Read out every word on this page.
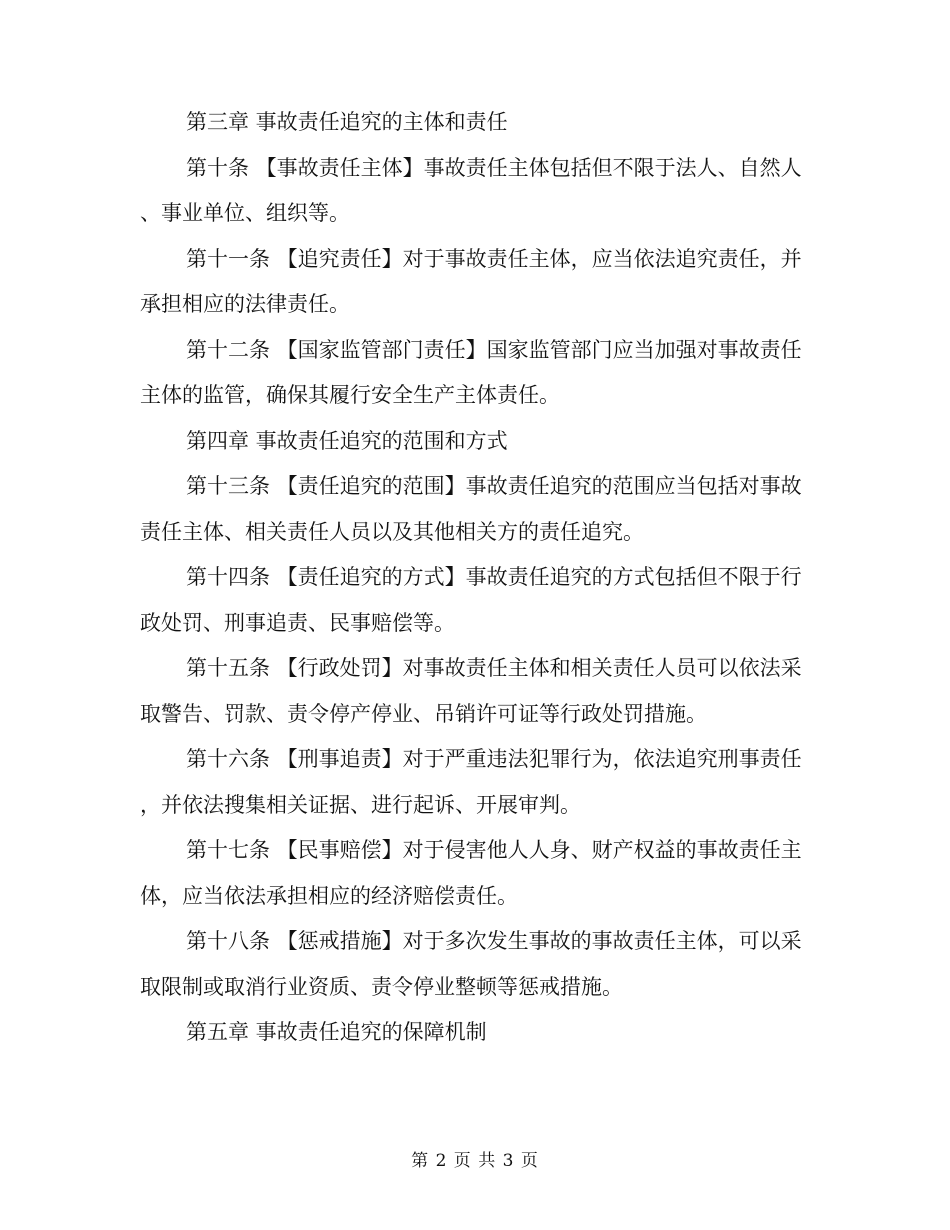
第三章 事故责任追究的主体和责任

第十条 【事故责任主体】事故责任主体包括但不限于法人、自然人、事业单位、组织等。

第十一条 【追究责任】对于事故责任主体，应当依法追究责任，并承担相应的法律责任。

第十二条 【国家监管部门责任】国家监管部门应当加强对事故责任主体的监管，确保其履行安全生产主体责任。

第四章 事故责任追究的范围和方式

第十三条 【责任追究的范围】事故责任追究的范围应当包括对事故责任主体、相关责任人员以及其他相关方的责任追究。

第十四条 【责任追究的方式】事故责任追究的方式包括但不限于行政处罚、刑事追责、民事赔偿等。

第十五条 【行政处罚】对事故责任主体和相关责任人员可以依法采取警告、罚款、责令停产停业、吊销许可证等行政处罚措施。

第十六条 【刑事追责】对于严重违法犯罪行为，依法追究刑事责任，并依法搜集相关证据、进行起诉、开展审判。

第十七条 【民事赔偿】对于侵害他人人身、财产权益的事故责任主体，应当依法承担相应的经济赔偿责任。

第十八条 【惩戒措施】对于多次发生事故的事故责任主体，可以采取限制或取消行业资质、责令停业整顿等惩戒措施。

第五章 事故责任追究的保障机制

第 2 页 共 3 页
